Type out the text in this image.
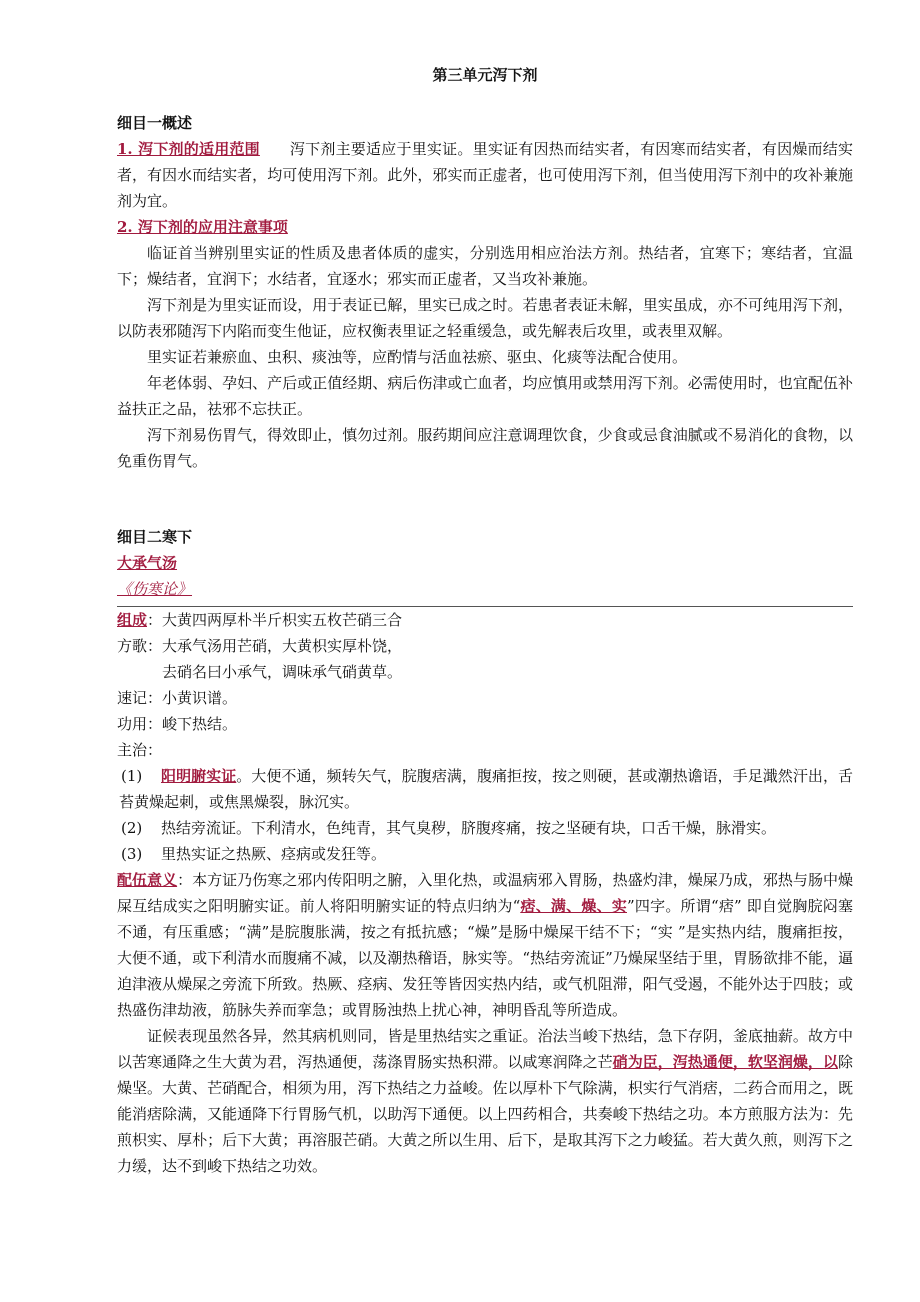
第三单元泻下剂
细目一概述

1. 泻下剂的适用范围 泻下剂主要适应于里实证。里实证有因热而结实者，有因寒而结实者，有因燥而结实者，有因水而结实者，均可使用泻下剂。此外，邪实而正虚者，也可使用泻下剂，但当使用泻下剂中的攻补兼施剂为宜。

2. 泻下剂的应用注意事项

临证首当辨别里实证的性质及患者体质的虚实，分别选用相应治法方剂。热结者，宜寒下；寒结者，宜温下；燥结者，宜润下；水结者，宜逐水；邪实而正虚者，又当攻补兼施。

泻下剂是为里实证而设，用于表证已解，里实已成之时。若患者表证未解，里实虽成，亦不可纯用泻下剂，以防表邪随泻下内陷而变生他证，应权衡表里证之轻重缓急，或先解表后攻里，或表里双解。

里实证若兼瘀血、虫积、痰浊等，应酌情与活血祛瘀、驱虫、化痰等法配合使用。

年老体弱、孕妇、产后或正值经期、病后伤津或亡血者，均应慎用或禁用泻下剂。必需使用时，也宜配伍补益扶正之品，祛邪不忘扶正。

泻下剂易伤胃气，得效即止，慎勿过剂。服药期间应注意调理饮食，少食或忌食油腻或不易消化的食物，以免重伤胃气。

细目二寒下
大承气汤
《伤寒论》

组成：大黄四两厚朴半斤枳实五枚芒硝三合

方歌：大承气汤用芒硝，大黄枳实厚朴饶，

去硝名曰小承气，调味承气硝黄草。

速记：小黄识谱。

功用：峻下热结。

主治：

(1) 阳明腑实证。大便不通，频转矢气，脘腹痞满，腹痛拒按，按之则硬，甚或潮热谵语，手足濈然汗出，舌苔黄燥起刺，或焦黑燥裂，脉沉实。

(2) 热结旁流证。下利清水，色纯青，其气臭秽，脐腹疼痛，按之坚硬有块，口舌干燥，脉滑实。

(3) 里热实证之热厥、痉病或发狂等。

配伍意义：本方证乃伤寒之邪内传阳明之腑，入里化热，或温病邪入胃肠，热盛灼津，燥屎乃成，邪热与肠中燥屎互结成实之阳明腑实证。前人将阳明腑实证的特点归纳为“痞、满、燥、实”四字。所谓“痞” 即自觉胸脘闷塞不通，有压重感；“满”是脘腹胀满，按之有抵抗感；“燥”是肠中燥屎干结不下；“实 ”是实热内结，腹痛拒按，大便不通，或下利清水而腹痛不减，以及潮热稽语，脉实等。“热结旁流证”乃燥屎坚结于里，胃肠欲排不能，逼迫津液从燥屎之旁流下所致。热厥、痉病、发狂等皆因实热内结，或气机阻滞，阳气受遏，不能外达于四肢；或热盛伤津劫液，筋脉失养而挛急；或胃肠浊热上扰心神，神明昏乱等所造成。

证候表现虽然各异，然其病机则同，皆是里热结实之重证。治法当峻下热结，急下存阴，釜底抽薪。故方中以苦寒通降之生大黄为君，泻热通便，荡涤胃肠实热积滞。以咸寒润降之芒硝为臣，泻热通便，软坚润燥，以除燥坚。大黄、芒硝配合，相须为用，泻下热结之力益峻。佐以厚朴下气除满，枳实行气消痞，二药合而用之，既能消痞除满，又能通降下行胃肠气机，以助泻下通便。以上四药相合，共奏峻下热结之功。本方煎服方法为：先煎枳实、厚朴；后下大黄；再溶服芒硝。大黄之所以生用、后下，是取其泻下之力峻猛。若大黄久煎，则泻下之力缓，达不到峻下热结之功效。
